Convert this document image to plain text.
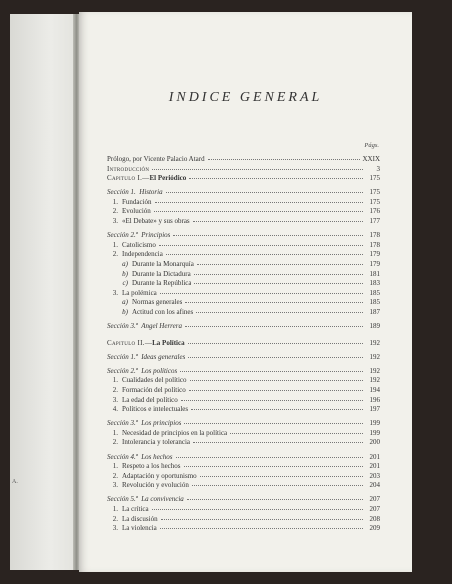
A.
INDICE GENERAL
Págs.
Prólogo, por Vicente Palacio Atard	XXIX
Introducción	3
Capitulo I.—El Periódico	175
Sección 1. Historia	175
1. Fundación	175
2. Evolución	176
3. «El Debate» y sus obras	177
Sección 2.ª Principios	178
1. Catolicismo	178
2. Independencia	179
a) Durante la Monarquía	179
b) Durante la Dictadura	181
c) Durante la República	183
3. La polémica	185
a) Normas generales	185
b) Actitud con los afines	187
Sección 3.ª Angel Herrera	189
Capitulo II.—La Política	192
Sección 1.ª Ideas generales	192
Sección 2.ª Los políticos	192
1. Cualidades del político	192
2. Formación del político	194
3. La edad del político	196
4. Políticos e intelectuales	197
Sección 3.ª Los principios	199
1. Necesidad de principios en la política	199
2. Intolerancia y tolerancia	200
Sección 4.ª Los hechos	201
1. Respeto a los hechos	201
2. Adaptación y oportunismo	203
3. Revolución y evolución	204
Sección 5.ª La convivencia	207
1. La crítica	207
2. La discusión	208
3. La violencia	209
